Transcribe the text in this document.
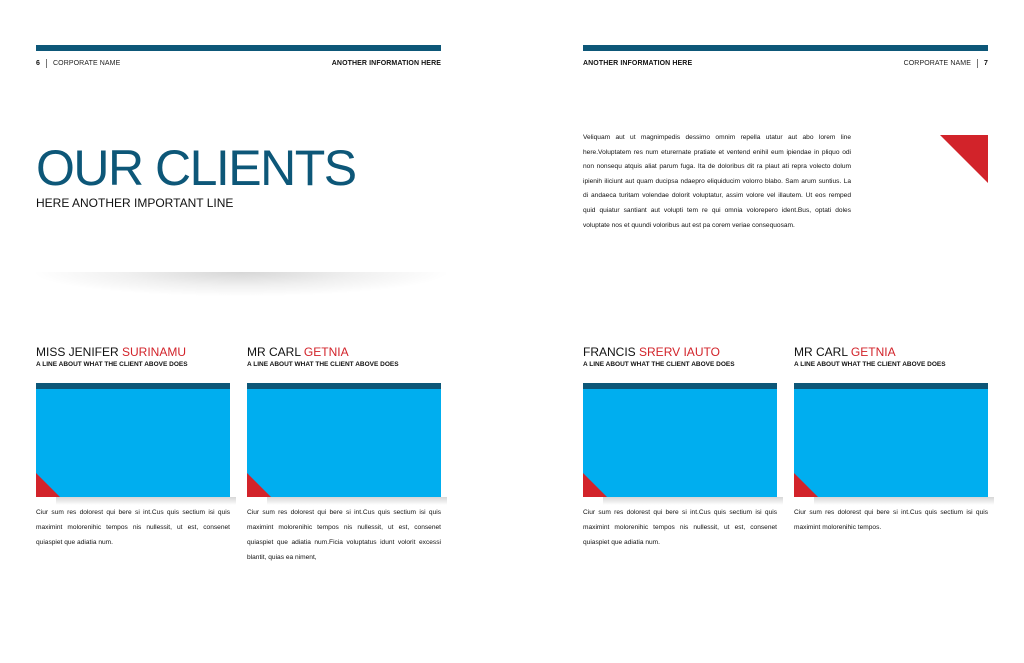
6 CORPORATE NAME	ANOTHER INFORMATION HERE
OUR CLIENTS
HERE ANOTHER IMPORTANT LINE
MISS JENIFER SURINAMU
A LINE ABOUT WHAT THE CLIENT ABOVE DOES

Ciur sum res dolorest qui bere si int.Cus quis sectium isi quis maximint molorenihic tempos nis nullessit, ut est, consenet quiaspiet que adiatia num.

MR CARL GETNIA
A LINE ABOUT WHAT THE CLIENT ABOVE DOES

Ciur sum res dolorest qui bere si int.Cus quis sectium isi quis maximint molorenihic tempos nis nullessit, ut est, consenet quiaspiet que adiatia num.Ficia voluptatus idunt volorit excessi blantit, quias ea niment,

ANOTHER INFORMATION HERE	CORPORATE NAME 7

Veliquam aut ut magnimpedis dessimo omnim repella utatur aut abo lorem line here.Voluptatem res num eturernate pratiate et ventend enihil eum ipiendae in pliquo odi non nonsequ atquis aliat parum fuga. Ita de doloribus dit ra plaut ati repra volecto dolum ipienih iliciunt aut quam ducipsa ndaepro eliquiducim volorro blabo. Sam arum suntius. La di andaeca turitam volendae dolorit voluptatur, assim volore vel illautem. Ut eos remped quid quiatur santiant aut volupti tem re qui omnia volorepero ident.Bus, optati doles voluptate nos et quundi voloribus aut est pa corem veriae consequosam.

FRANCIS SRERV IAUTO
A LINE ABOUT WHAT THE CLIENT ABOVE DOES

Ciur sum res dolorest qui bere si int.Cus quis sectium isi quis maximint molorenihic tempos nis nullessit, ut est, consenet quiaspiet que adiatia num.

MR CARL GETNIA
A LINE ABOUT WHAT THE CLIENT ABOVE DOES

Ciur sum res dolorest qui bere si int.Cus quis sectium isi quis maximint molorenihic tempos.
